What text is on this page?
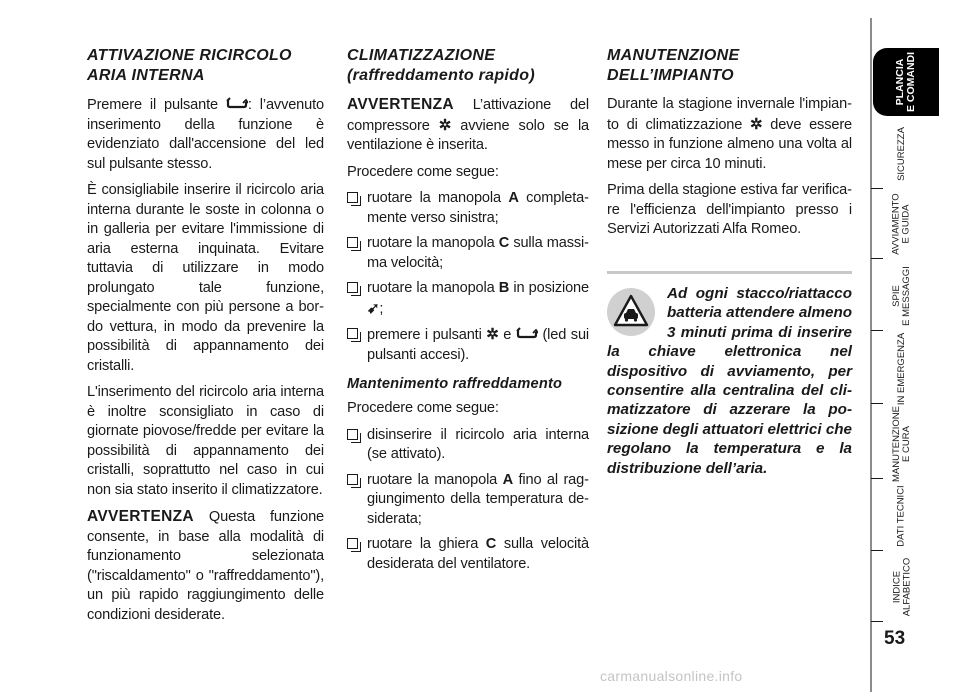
ATTIVAZIONE RICIRCOLO ARIA INTERNA

Premere il pulsante : l’avvenuto inserimento della funzione è evidenziato dall'accensione del led sul pulsante stesso.

È consigliabile inserire il ricircolo aria interna durante le soste in colonna o in galleria per evitare l'immissione di aria esterna inquinata. Evitare tuttavia di utilizzare in modo prolungato tale funzione, specialmente con più persone a bordo vettura, in modo da prevenire la possibilità di appannamento dei cristalli.

L'inserimento del ricircolo aria interna è inoltre sconsigliato in caso di giornate piovose/fredde per evitare la possibilità di appannamento dei cristalli, soprattutto nel caso in cui non sia stato inserito il climatizzatore.

AVVERTENZA Questa funzione consente, in base alla modalità di funzionamento selezionata ("riscaldamento" o "raffreddamento"), un più rapido raggiungimento delle condizioni desiderate.

CLIMATIZZAZIONE (raffreddamento rapido)

AVVERTENZA L’attivazione del compressore ✲ avviene solo se la ventilazione è inserita.

Procedere come segue:

ruotare la manopola A completamente verso sinistra;
ruotare la manopola C sulla massima velocità;
ruotare la manopola B in posizione ➹;
premere i pulsanti ✲ e  (led sui pulsanti accesi).
Mantenimento raffreddamento

Procedere come segue:

disinserire il ricircolo aria interna (se attivato).
ruotare la manopola A fino al raggiungimento della temperatura desiderata;
ruotare la ghiera C sulla velocità desiderata del ventilatore.
MANUTENZIONE DELL’IMPIANTO

Durante la stagione invernale l'impianto di climatizzazione ✲ deve essere messo in funzione almeno una volta al mese per circa 10 minuti.

Prima della stagione estiva far verificare l'efficienza dell'impianto presso i Servizi Autorizzati Alfa Romeo.

Ad ogni stacco/riattacco batteria attendere almeno 3 minuti prima di inserire la chiave elettronica nel dispositivo di avviamento, per consentire alla centralina del climatizzatore di azzerare la posizione degli attuatori elettrici che regolano la temperatura e la distribuzione dell’aria.
PLANCIA
E COMANDI
SICUREZZA
AVVIAMENTO
E GUIDA
SPIE
E MESSAGGI
IN EMERGENZA
MANUTENZIONE
E CURA
DATI TECNICI
INDICE
ALFABETICO
53
carmanualsonline.info
